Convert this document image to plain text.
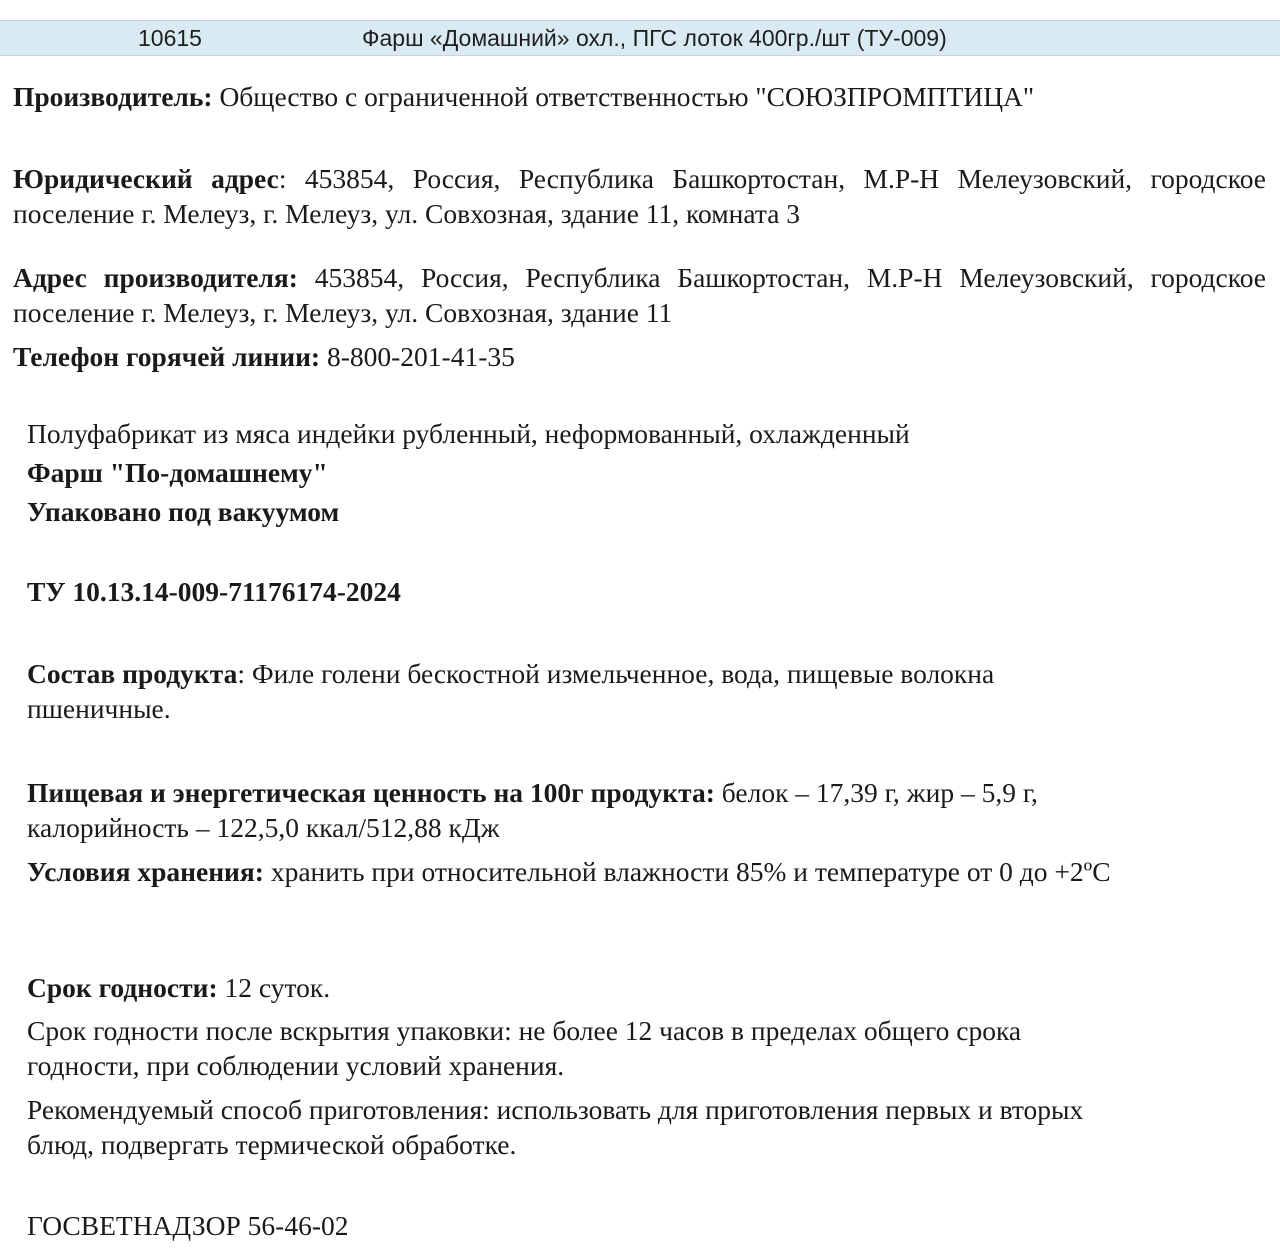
10615	Фарш «Домашний» охл., ПГС лоток 400гр./шт (ТУ-009)
Производитель: Общество с ограниченной ответственностью "СОЮЗПРОМПТИЦА"
Юридический адрес: 453854, Россия, Республика Башкортостан, М.Р-Н Мелеузовский, городское поселение г. Мелеуз, г. Мелеуз, ул. Совхозная, здание 11, комната 3
Адрес производителя: 453854, Россия, Республика Башкортостан, М.Р-Н Мелеузовский, городское поселение г. Мелеуз, г. Мелеуз, ул. Совхозная, здание 11
Телефон горячей линии: 8-800-201-41-35
Полуфабрикат из мяса индейки рубленный, неформованный, охлажденный
Фарш "По-домашнему"
Упаковано под вакуумом
ТУ 10.13.14-009-71176174-2024
Состав продукта: Филе голени бескостной измельченное, вода, пищевые волокна пшеничные.
Пищевая и энергетическая ценность на 100г продукта: белок – 17,39 г, жир – 5,9 г, калорийность – 122,5,0 ккал/512,88 кДж
Условия хранения: хранить при относительной влажности 85% и температуре от 0 до +2ºС
Срок годности: 12 суток.
Срок годности после вскрытия упаковки: не более 12 часов в пределах общего срока годности, при соблюдении условий хранения.
Рекомендуемый способ приготовления: использовать для приготовления первых и вторых блюд, подвергать термической обработке.
ГОСВЕТНАДЗОР 56-46-02
